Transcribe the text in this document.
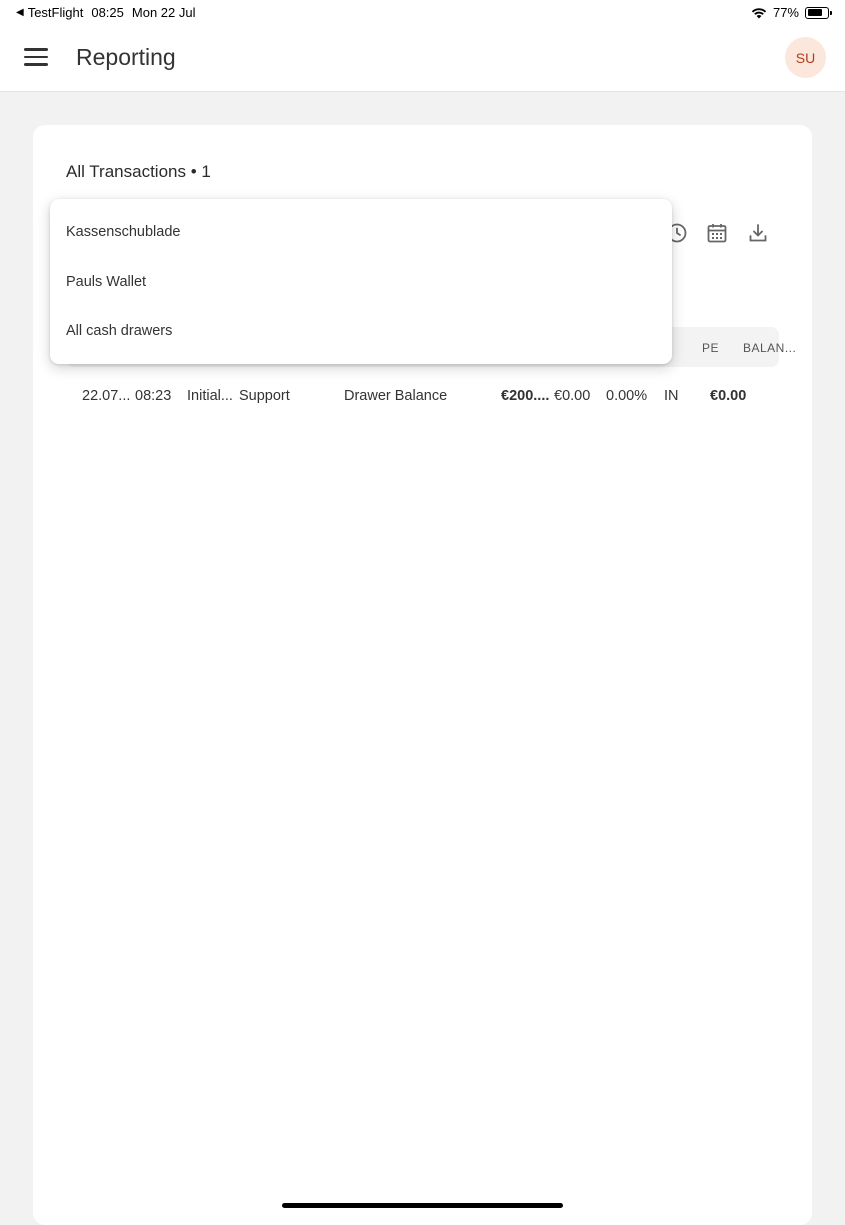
◀ TestFlight 08:25 Mon 22 Jul	77%
Reporting	SU
All Transactions • 1
PE BALAN...
22.07... 08:23 Initial... Support	Drawer Balance	€200.... €0.00 0.00% IN €0.00
Kassenschublade
Pauls Wallet
All cash drawers
